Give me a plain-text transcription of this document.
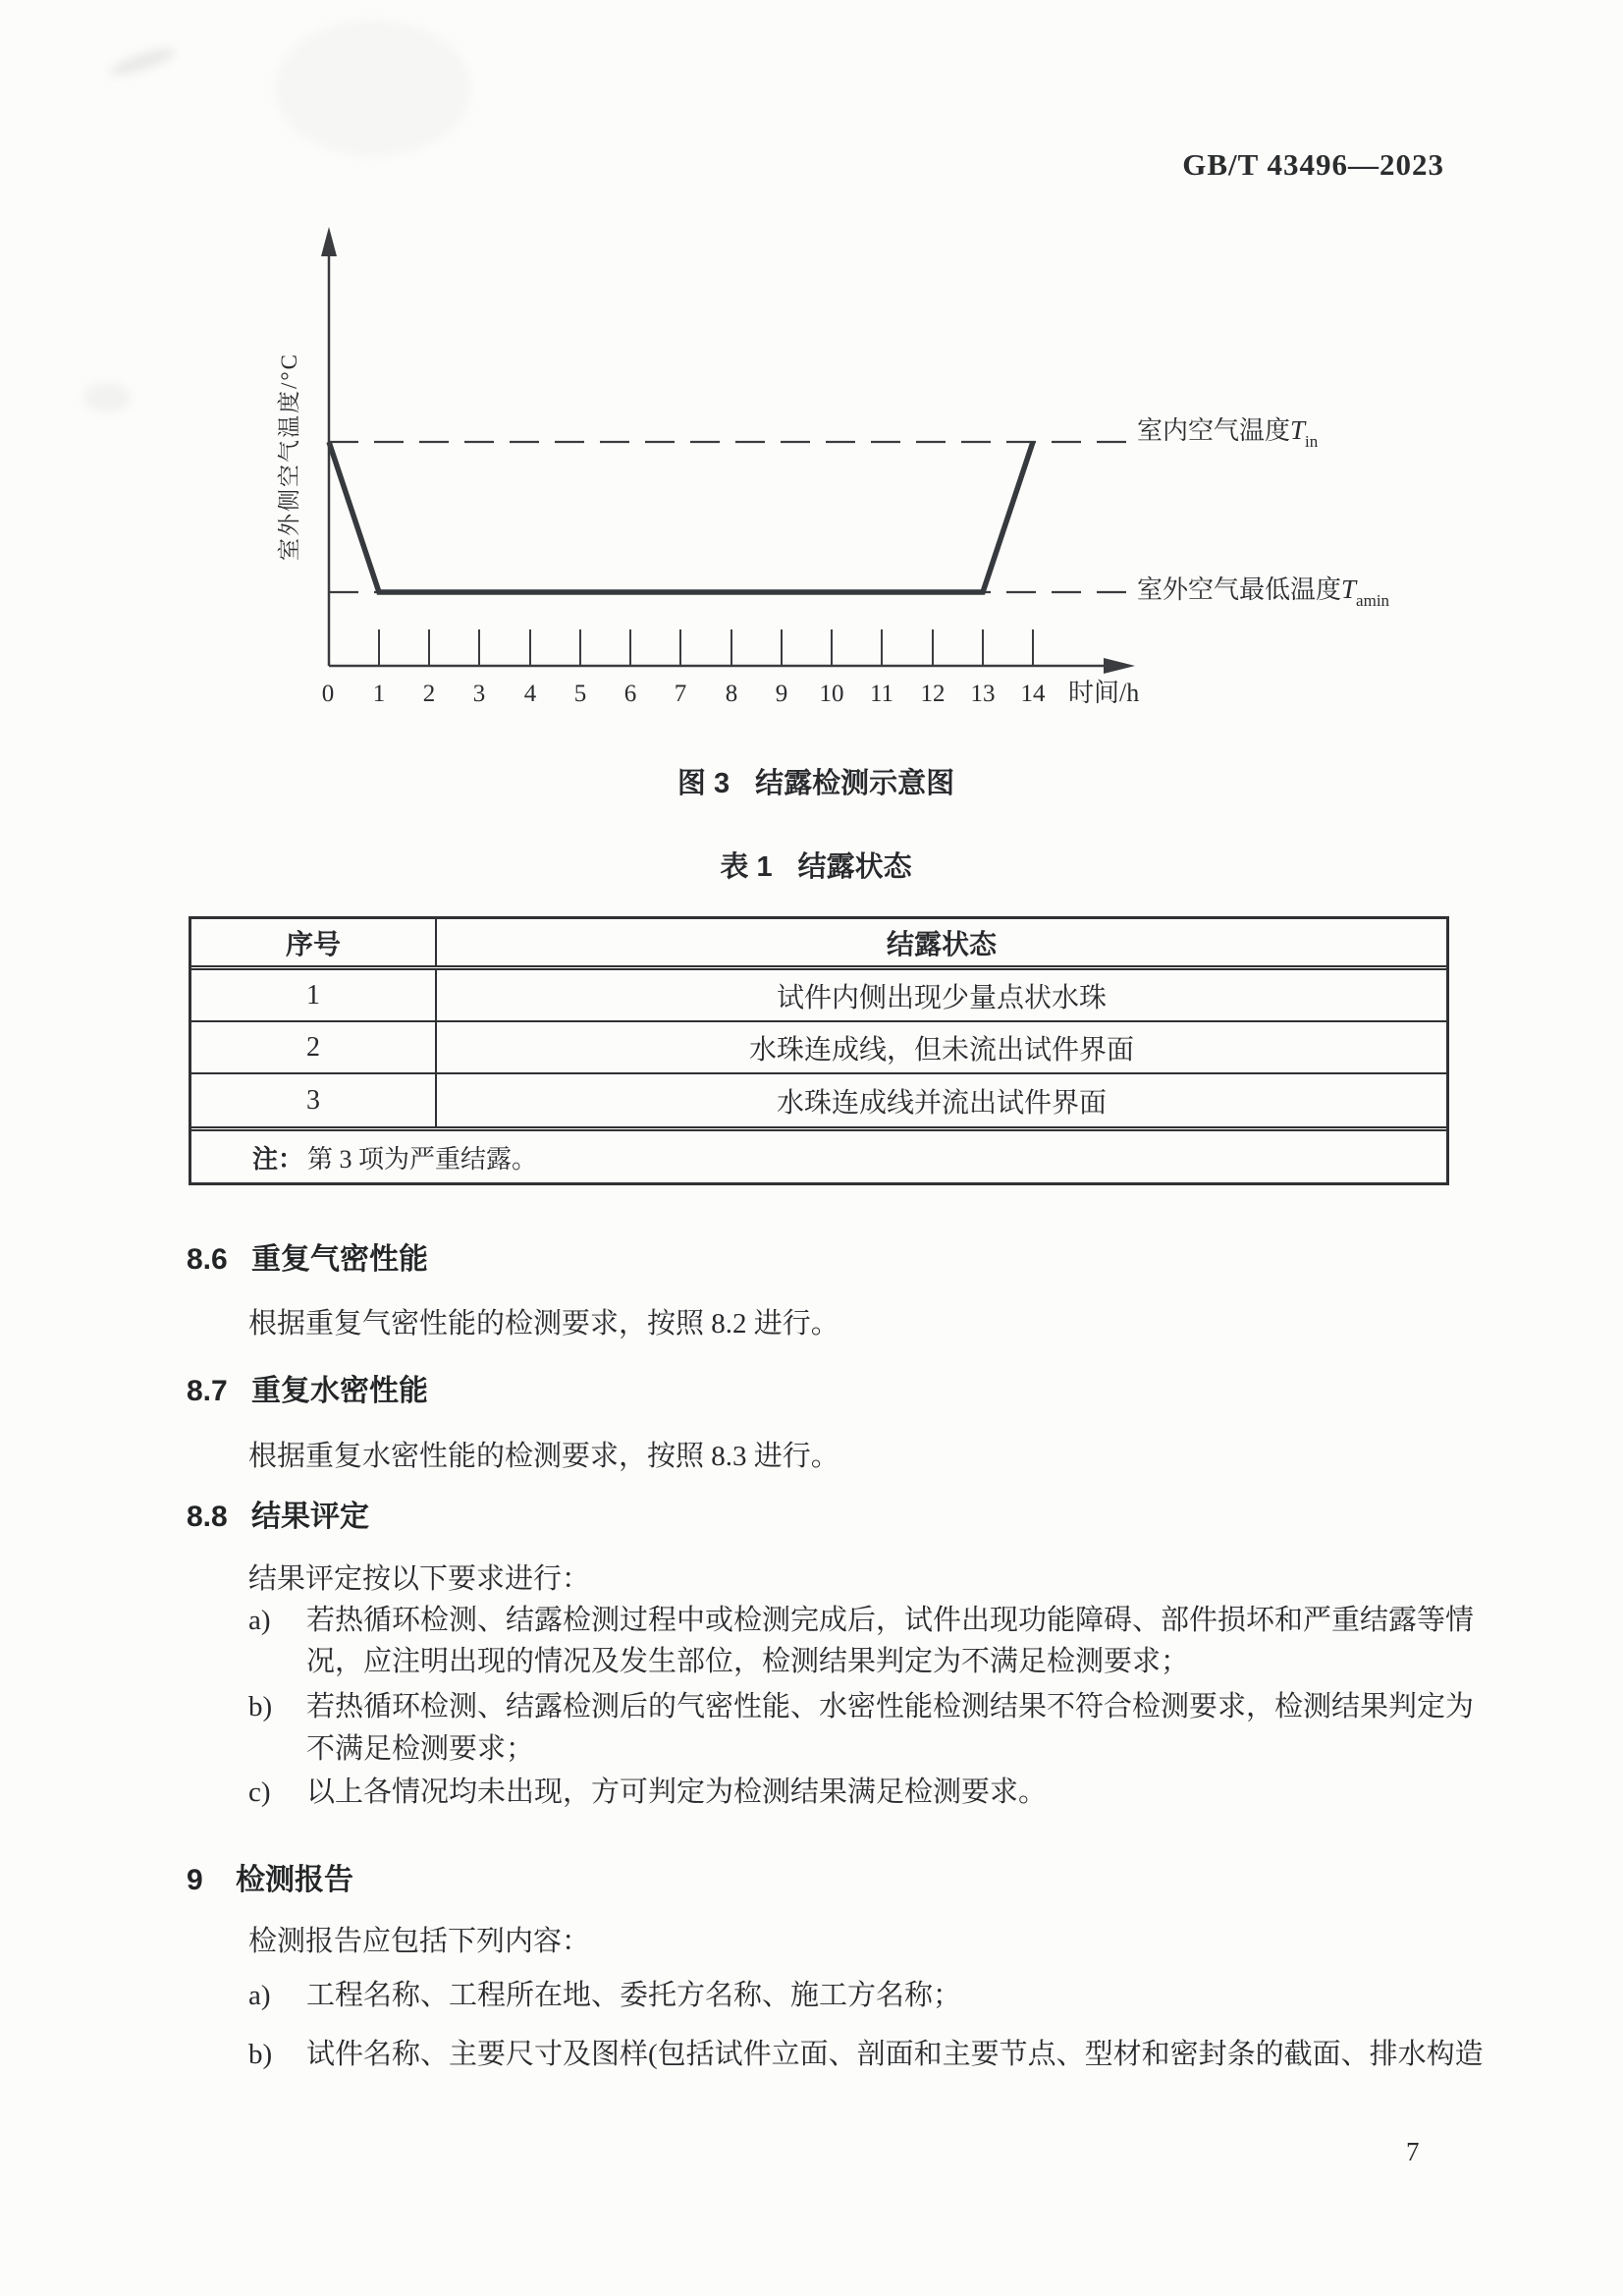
GB/T 43496—2023
0 1 2 3 4 5 6 7 8 9 10 11 12 13 14 时间/h
室外侧空气温度/°C	室内空气温度$T_{in}$
室外空气最低温度$T_{amin}$
图 3 结露检测示意图
表 1 结露状态
序号	结露状态
1	试件内侧出现少量点状水珠
2	水珠连成线，但未流出试件界面
3	水珠连成线并流出试件界面
注： 第 3 项为严重结露。
8.6 重复气密性能
根据重复气密性能的检测要求，按照 8.2 进行。
8.7 重复水密性能
根据重复水密性能的检测要求，按照 8.3 进行。
8.8 结果评定
结果评定按以下要求进行：
a) 若热循环检测、结露检测过程中或检测完成后，试件出现功能障碍、部件损坏和严重结露等情
况，应注明出现的情况及发生部位，检测结果判定为不满足检测要求；
b) 若热循环检测、结露检测后的气密性能、水密性能检测结果不符合检测要求，检测结果判定为
不满足检测要求；
c) 以上各情况均未出现，方可判定为检测结果满足检测要求。
9	检测报告
检测报告应包括下列内容：
a) 工程名称、工程所在地、委托方名称、施工方名称；
b) 试件名称、主要尺寸及图样(包括试件立面、剖面和主要节点、型材和密封条的截面、排水构造
7
